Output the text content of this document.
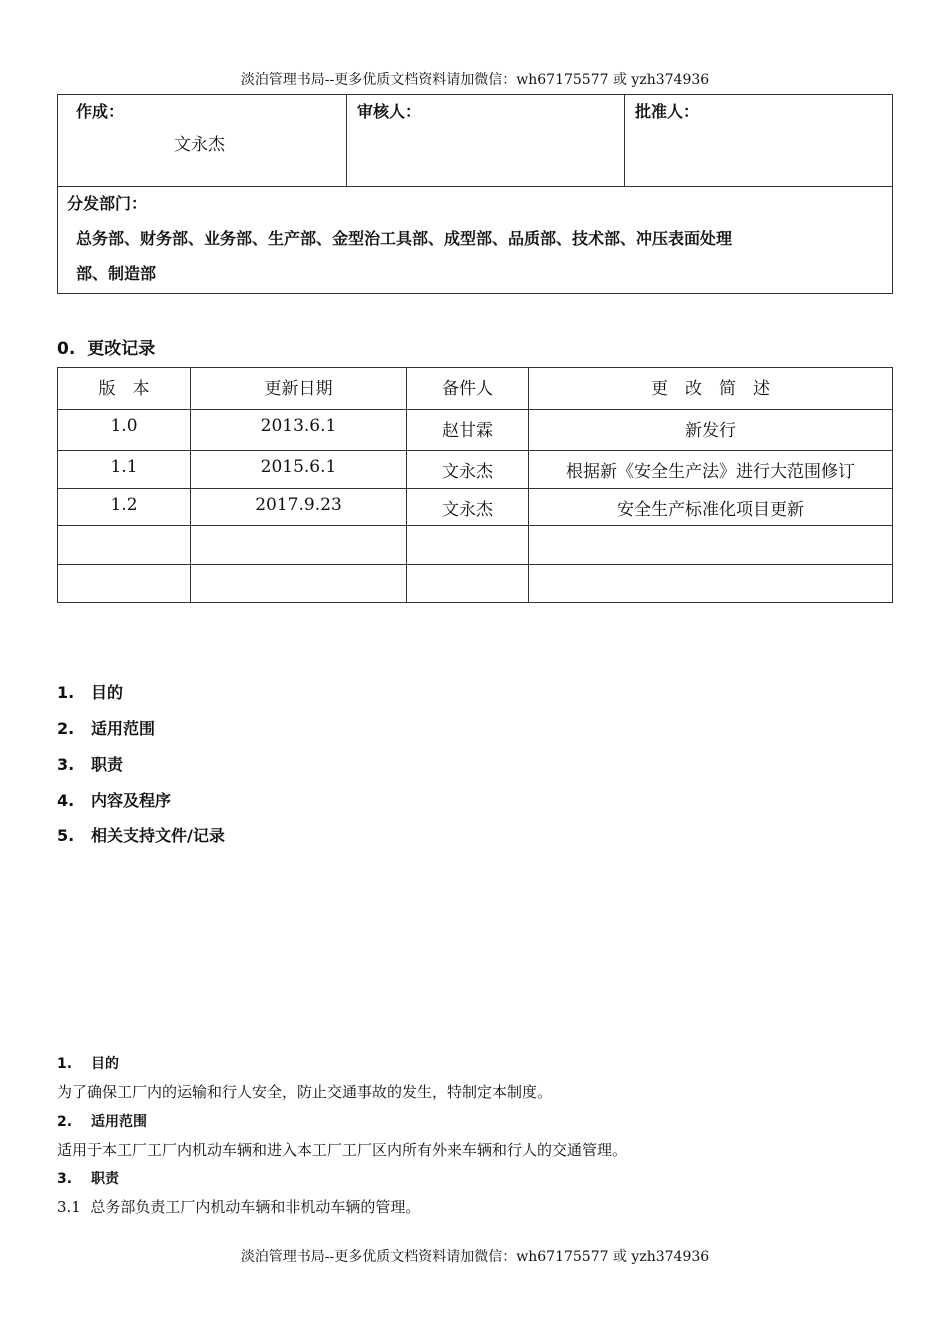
淡泊管理书局--更多优质文档资料请加微信：wh67175577 或 yzh374936
作成：
文永杰

审核人：	批准人：

分发部门：
总务部、财务部、业务部、生产部、金型治工具部、成型部、品质部、技术部、冲压表面处理
部、制造部
0. 更改记录
版　本	更新日期	备件人	更　改　简　述
1.0	2013.6.1	赵甘霖	新发行
1.1	2015.6.1	文永杰	根据新《安全生产法》进行大范围修订
1.2	2017.9.23	文永杰	安全生产标准化项目更新

1. 目的
2. 适用范围
3. 职责
4. 内容及程序
5. 相关支持文件/记录
1. 目的
为了确保工厂内的运输和行人安全，防止交通事故的发生，特制定本制度。
2. 适用范围
适用于本工厂工厂内机动车辆和进入本工厂工厂区内所有外来车辆和行人的交通管理。
3. 职责
3.1  总务部负责工厂内机动车辆和非机动车辆的管理。
淡泊管理书局--更多优质文档资料请加微信：wh67175577 或 yzh374936
